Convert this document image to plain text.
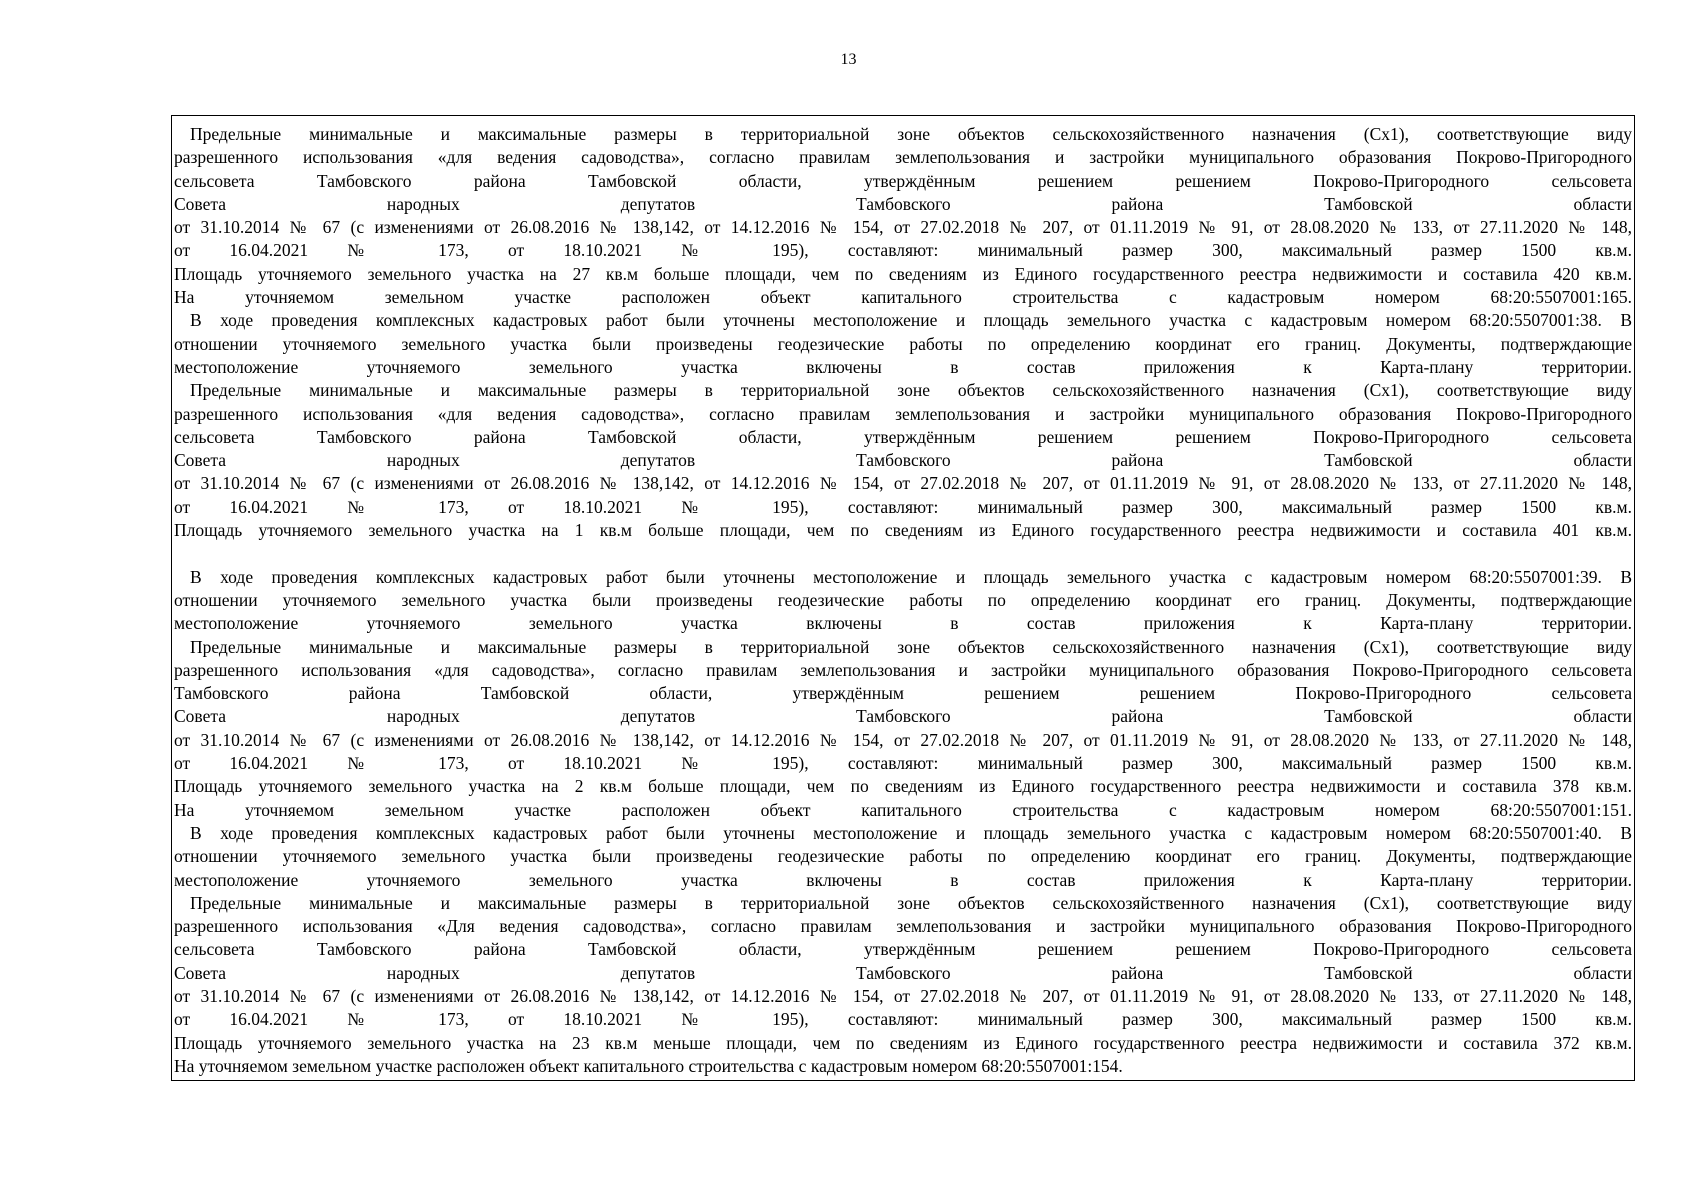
13
Предельные минимальные и максимальные размеры в территориальной зоне объектов сельскохозяйственного назначения (Сх1), соответствующие виду
разрешенного использования «для ведения садоводства», согласно правилам землепользования и застройки муниципального образования Покрово-Пригородного
сельсовета Тамбовского района Тамбовской области, утверждённым решением решением Покрово-Пригородного сельсовета
Совета народных депутатов Тамбовского района Тамбовской области
от 31.10.2014 № 67 (с изменениями от 26.08.2016 № 138,142, от 14.12.2016 № 154, от 27.02.2018 № 207, от 01.11.2019 № 91, от 28.08.2020 № 133, от 27.11.2020 № 148,
от 16.04.2021 № 173, от 18.10.2021 № 195), составляют: минимальный размер 300, максимальный размер 1500 кв.м.
Площадь уточняемого земельного участка на 27 кв.м больше площади, чем по сведениям из Единого государственного реестра недвижимости и составила 420 кв.м.
На уточняемом земельном участке расположен объект капитального строительства с кадастровым номером 68:20:5507001:165.
В ходе проведения комплексных кадастровых работ были уточнены местоположение и площадь земельного участка с кадастровым номером 68:20:5507001:38. В
отношении уточняемого земельного участка были произведены геодезические работы по определению координат его границ. Документы, подтверждающие
местоположение уточняемого земельного участка включены в состав приложения к Карта-плану территории.
Предельные минимальные и максимальные размеры в территориальной зоне объектов сельскохозяйственного назначения (Сх1), соответствующие виду
разрешенного использования «для ведения садоводства», согласно правилам землепользования и застройки муниципального образования Покрово-Пригородного
сельсовета Тамбовского района Тамбовской области, утверждённым решением решением Покрово-Пригородного сельсовета
Совета народных депутатов Тамбовского района Тамбовской области
от 31.10.2014 № 67 (с изменениями от 26.08.2016 № 138,142, от 14.12.2016 № 154, от 27.02.2018 № 207, от 01.11.2019 № 91, от 28.08.2020 № 133, от 27.11.2020 № 148,
от 16.04.2021 № 173, от 18.10.2021 № 195), составляют: минимальный размер 300, максимальный размер 1500 кв.м.
Площадь уточняемого земельного участка на 1 кв.м больше площади, чем по сведениям из Единого государственного реестра недвижимости и составила 401 кв.м.
В ходе проведения комплексных кадастровых работ были уточнены местоположение и площадь земельного участка с кадастровым номером 68:20:5507001:39. В
отношении уточняемого земельного участка были произведены геодезические работы по определению координат его границ. Документы, подтверждающие
местоположение уточняемого земельного участка включены в состав приложения к Карта-плану территории.
Предельные минимальные и максимальные размеры в территориальной зоне объектов сельскохозяйственного назначения (Сх1), соответствующие виду
разрешенного использования «для садоводства», согласно правилам землепользования и застройки муниципального образования Покрово-Пригородного сельсовета
Тамбовского района Тамбовской области, утверждённым решением решением Покрово-Пригородного сельсовета
Совета народных депутатов Тамбовского района Тамбовской области
от 31.10.2014 № 67 (с изменениями от 26.08.2016 № 138,142, от 14.12.2016 № 154, от 27.02.2018 № 207, от 01.11.2019 № 91, от 28.08.2020 № 133, от 27.11.2020 № 148,
от 16.04.2021 № 173, от 18.10.2021 № 195), составляют: минимальный размер 300, максимальный размер 1500 кв.м.
Площадь уточняемого земельного участка на 2 кв.м больше площади, чем по сведениям из Единого государственного реестра недвижимости и составила 378 кв.м.
На уточняемом земельном участке расположен объект капитального строительства с кадастровым номером 68:20:5507001:151.
В ходе проведения комплексных кадастровых работ были уточнены местоположение и площадь земельного участка с кадастровым номером 68:20:5507001:40. В
отношении уточняемого земельного участка были произведены геодезические работы по определению координат его границ. Документы, подтверждающие
местоположение уточняемого земельного участка включены в состав приложения к Карта-плану территории.
Предельные минимальные и максимальные размеры в территориальной зоне объектов сельскохозяйственного назначения (Сх1), соответствующие виду
разрешенного использования «Для ведения садоводства», согласно правилам землепользования и застройки муниципального образования Покрово-Пригородного
сельсовета Тамбовского района Тамбовской области, утверждённым решением решением Покрово-Пригородного сельсовета
Совета народных депутатов Тамбовского района Тамбовской области
от 31.10.2014 № 67 (с изменениями от 26.08.2016 № 138,142, от 14.12.2016 № 154, от 27.02.2018 № 207, от 01.11.2019 № 91, от 28.08.2020 № 133, от 27.11.2020 № 148,
от 16.04.2021 № 173, от 18.10.2021 № 195), составляют: минимальный размер 300, максимальный размер 1500 кв.м.
Площадь уточняемого земельного участка на 23 кв.м меньше площади, чем по сведениям из Единого государственного реестра недвижимости и составила 372 кв.м.
На уточняемом земельном участке расположен объект капитального строительства с кадастровым номером 68:20:5507001:154.
